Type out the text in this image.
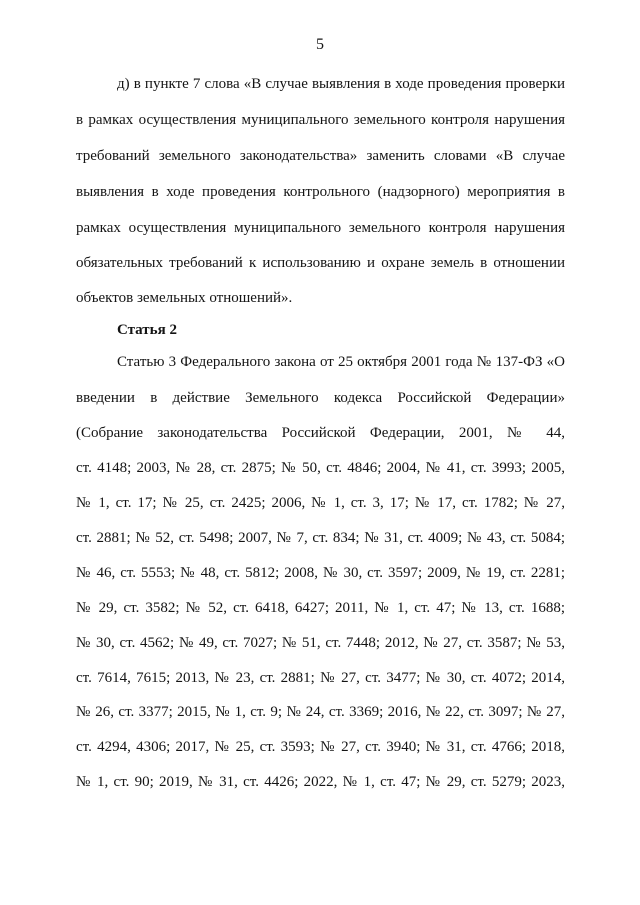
5
д) в пункте 7 слова «В случае выявления в ходе проведения проверки
в рамках осуществления муниципального земельного контроля нарушения
требований земельного законодательства» заменить словами «В случае
выявления в ходе проведения контрольного (надзорного) мероприятия в
рамках осуществления муниципального земельного контроля нарушения
обязательных требований к использованию и охране земель в отношении
объектов земельных отношений».
Статья 2
Статью 3 Федерального закона от 25 октября 2001 года № 137-ФЗ «О
введении в действие Земельного кодекса Российской Федерации»
(Собрание законодательства Российской Федерации, 2001, № 44,
ст. 4148; 2003, № 28, ст. 2875; № 50, ст. 4846; 2004, № 41, ст. 3993; 2005,
№ 1, ст. 17; № 25, ст. 2425; 2006, № 1, ст. 3, 17; № 17, ст. 1782; № 27,
ст. 2881; № 52, ст. 5498; 2007, № 7, ст. 834; № 31, ст. 4009; № 43, ст. 5084;
№ 46, ст. 5553; № 48, ст. 5812; 2008, № 30, ст. 3597; 2009, № 19, ст. 2281;
№ 29, ст. 3582; № 52, ст. 6418, 6427; 2011, № 1, ст. 47; № 13, ст. 1688;
№ 30, ст. 4562; № 49, ст. 7027; № 51, ст. 7448; 2012, № 27, ст. 3587; № 53,
ст. 7614, 7615; 2013, № 23, ст. 2881; № 27, ст. 3477; № 30, ст. 4072; 2014,
№ 26, ст. 3377; 2015, № 1, ст. 9; № 24, ст. 3369; 2016, № 22, ст. 3097; № 27,
ст. 4294, 4306; 2017, № 25, ст. 3593; № 27, ст. 3940; № 31, ст. 4766; 2018,
№ 1, ст. 90; 2019, № 31, ст. 4426; 2022, № 1, ст. 47; № 29, ст. 5279; 2023,
